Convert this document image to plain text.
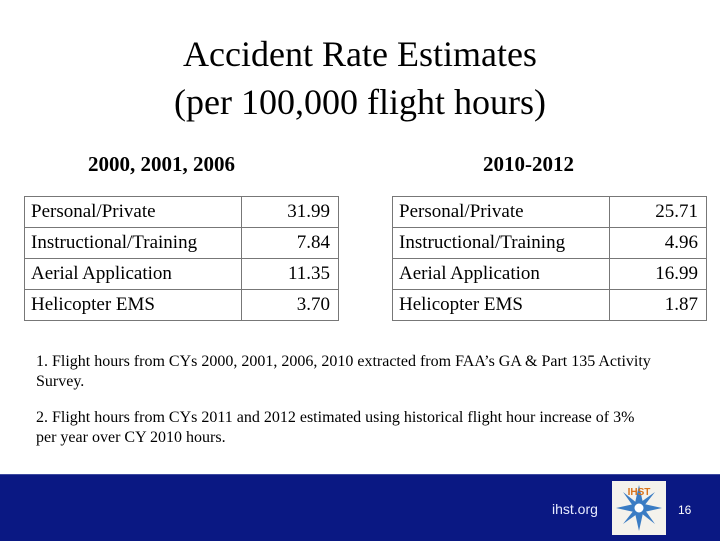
Accident Rate Estimates
(per 100,000 flight hours)
2000, 2001, 2006	2010-2012
Personal/Private	31.99
Instructional/Training	7.84
Aerial Application	11.35
Helicopter EMS	3.70
Personal/Private	25.71
Instructional/Training	4.96
Aerial Application	16.99
Helicopter EMS	1.87

1. Flight hours from CYs 2000, 2001, 2006, 2010 extracted from FAA’s GA & Part 135 Activity Survey.

2. Flight hours from CYs 2011 and 2012 estimated using historical flight hour increase of 3% per year over CY 2010 hours.

ihst.org
IHST
16
